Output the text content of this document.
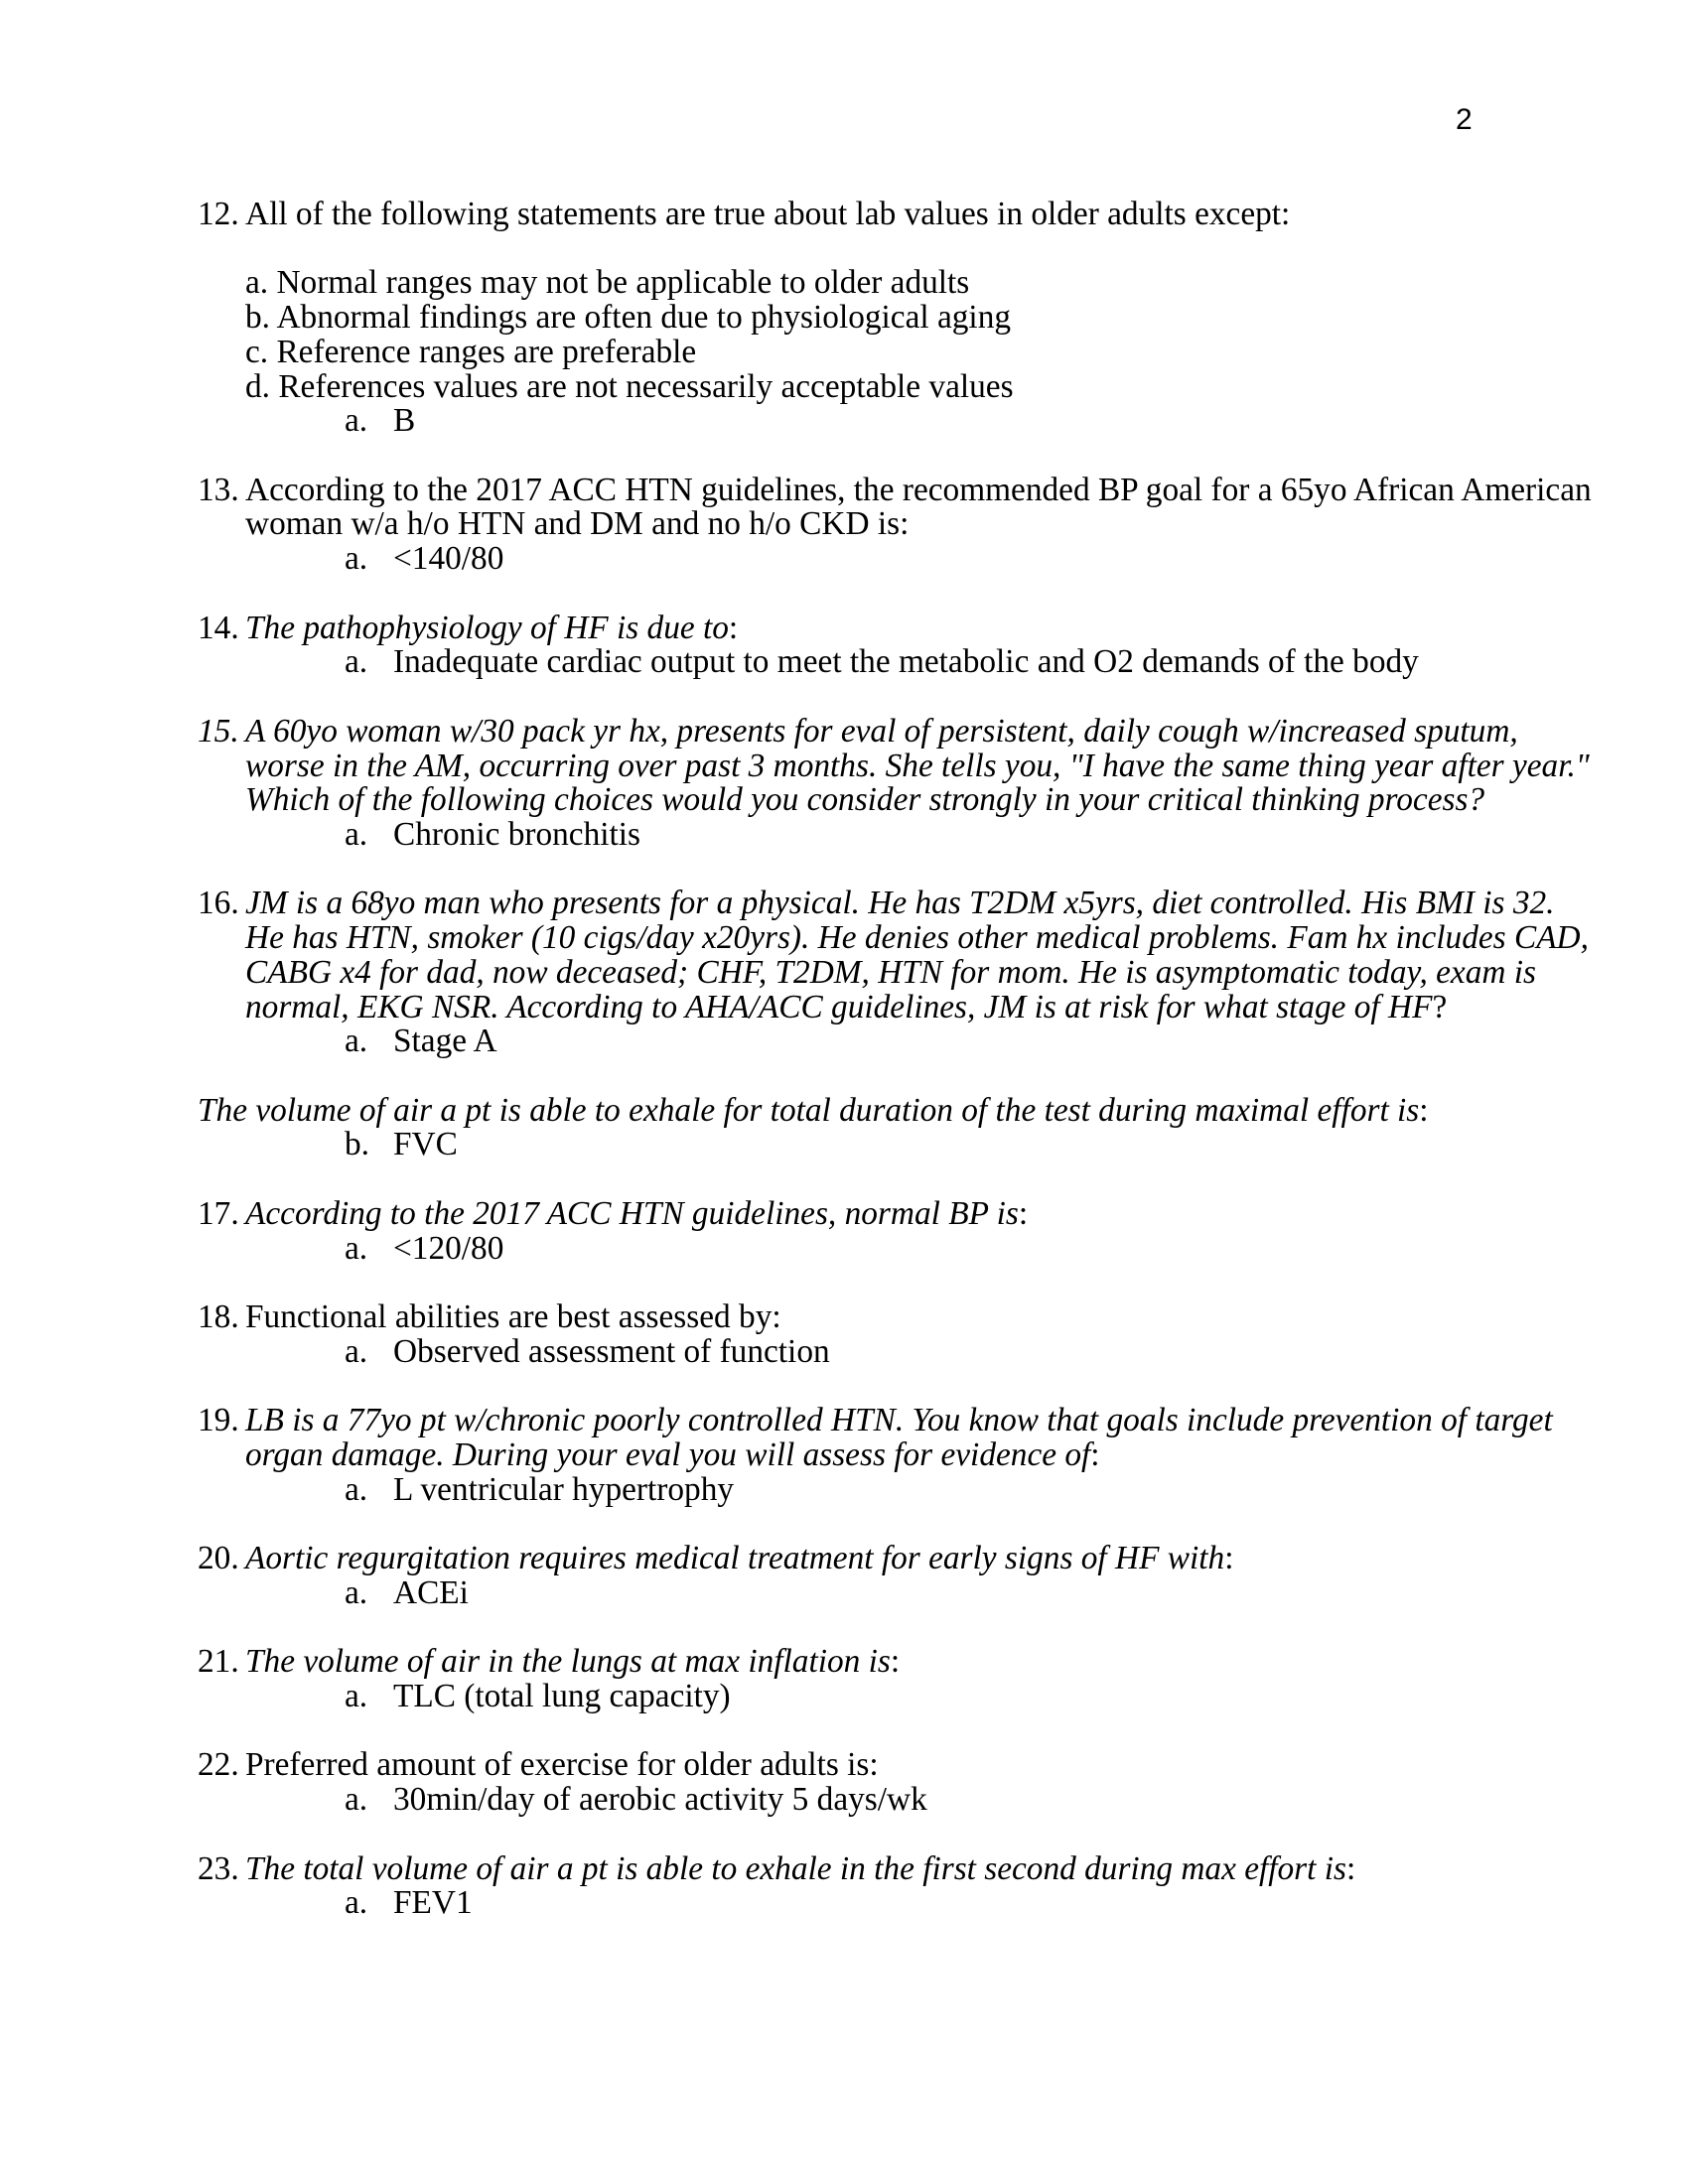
2
12. All of the following statements are true about lab values in older adults except:
a. Normal ranges may not be applicable to older adults
b. Abnormal findings are often due to physiological aging
c. Reference ranges are preferable
d. References values are not necessarily acceptable values
a. B
13. According to the 2017 ACC HTN guidelines, the recommended BP goal for a 65yo African American
woman w/a h/o HTN and DM and no h/o CKD is:
a. <140/80
14. The pathophysiology of HF is due to:
a. Inadequate cardiac output to meet the metabolic and O2 demands of the body
15. A 60yo woman w/30 pack yr hx, presents for eval of persistent, daily cough w/increased sputum,
worse in the AM, occurring over past 3 months. She tells you, "I have the same thing year after year."
Which of the following choices would you consider strongly in your critical thinking process?
a. Chronic bronchitis
16. JM is a 68yo man who presents for a physical. He has T2DM x5yrs, diet controlled. His BMI is 32.
He has HTN, smoker (10 cigs/day x20yrs). He denies other medical problems. Fam hx includes CAD,
CABG x4 for dad, now deceased; CHF, T2DM, HTN for mom. He is asymptomatic today, exam is
normal, EKG NSR. According to AHA/ACC guidelines, JM is at risk for what stage of HF?
a. Stage A
The volume of air a pt is able to exhale for total duration of the test during maximal effort is:
b. FVC
17. According to the 2017 ACC HTN guidelines, normal BP is:
a. <120/80
18. Functional abilities are best assessed by:
a. Observed assessment of function
19. LB is a 77yo pt w/chronic poorly controlled HTN. You know that goals include prevention of target
organ damage. During your eval you will assess for evidence of:
a. L ventricular hypertrophy
20. Aortic regurgitation requires medical treatment for early signs of HF with:
a. ACEi
21. The volume of air in the lungs at max inflation is:
a. TLC (total lung capacity)
22. Preferred amount of exercise for older adults is:
a. 30min/day of aerobic activity 5 days/wk
23. The total volume of air a pt is able to exhale in the first second during max effort is:
a. FEV1
